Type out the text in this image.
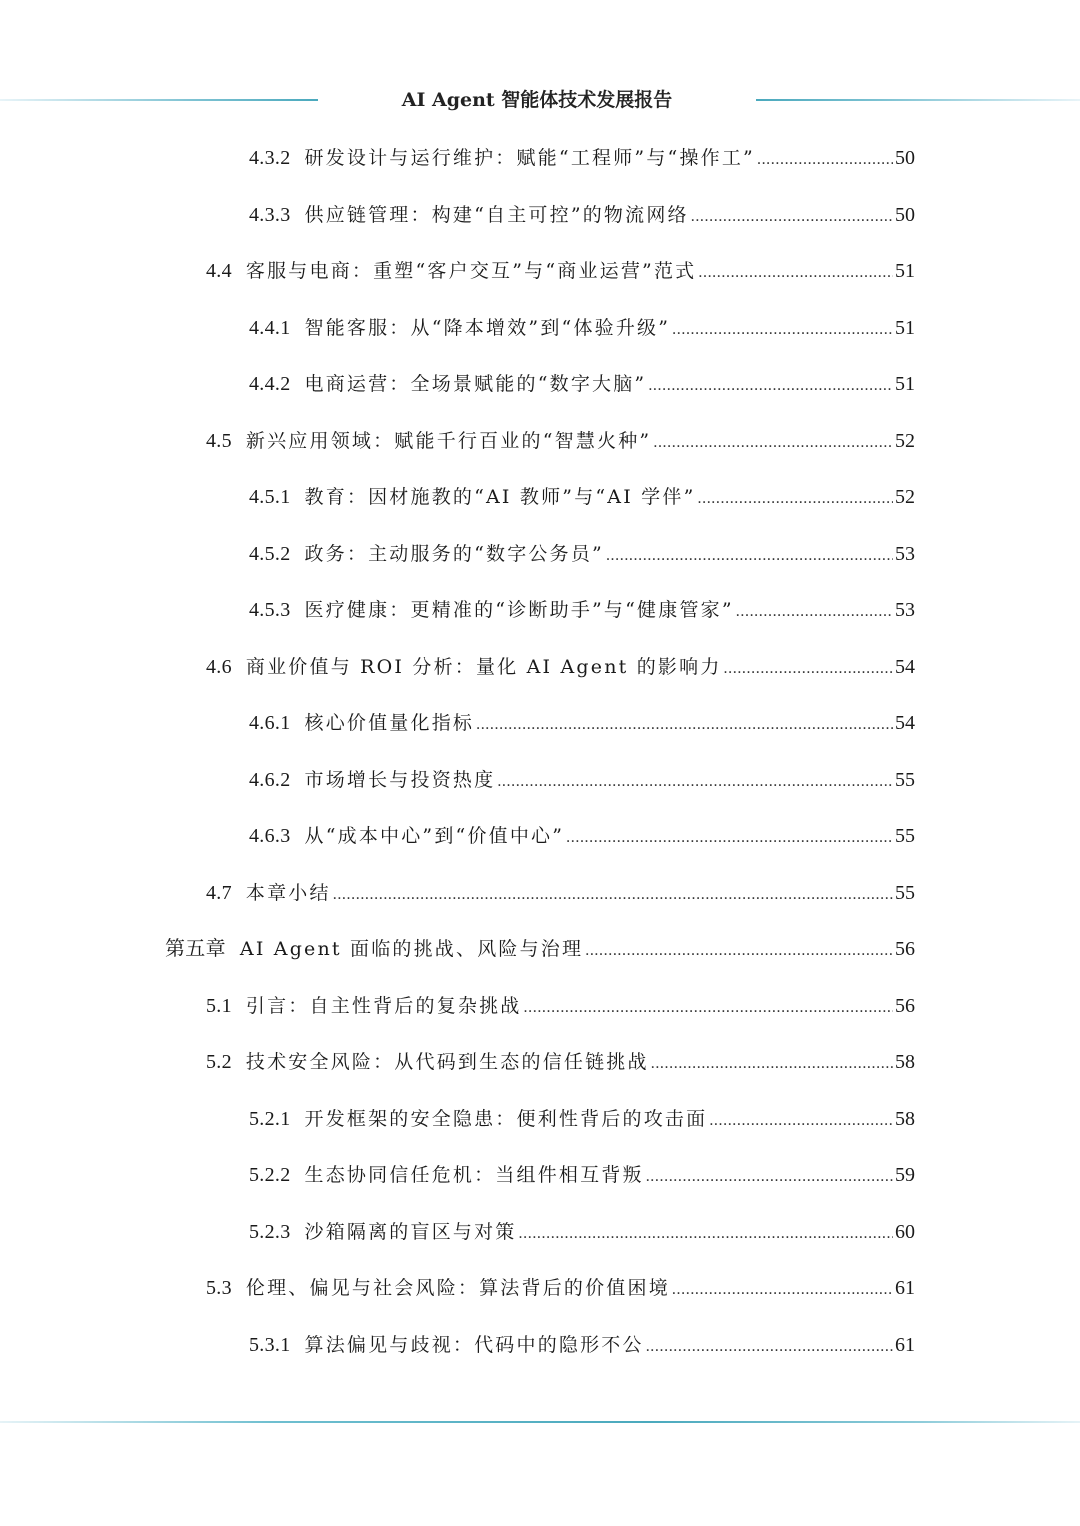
AI Agent 智能体技术发展报告
4.3.2 研发设计与运行维护：赋能“工程师”与“操作工” .....	50
4.3.3 供应链管理：构建“自主可控”的物流网络 .....	50
4.4 客服与电商：重塑“客户交互”与“商业运营”范式 .....	51
4.4.1 智能客服：从“降本增效”到“体验升级” .....	51
4.4.2 电商运营：全场景赋能的“数字大脑” .....	51
4.5 新兴应用领域：赋能千行百业的“智慧火种” .....	52
4.5.1 教育：因材施教的“AI 教师”与“AI 学伴” .....	52
4.5.2 政务：主动服务的“数字公务员” .....	53
4.5.3 医疗健康：更精准的“诊断助手”与“健康管家” .....	53
4.6 商业价值与 ROI 分析：量化 AI Agent 的影响力 .....	54
4.6.1 核心价值量化指标 .....	54
4.6.2 市场增长与投资热度 .....	55
4.6.3 从“成本中心”到“价值中心” .....	55
4.7 本章小结 .....	55
第五章 AI Agent 面临的挑战、风险与治理 .....	56
5.1 引言：自主性背后的复杂挑战 .....	56
5.2 技术安全风险：从代码到生态的信任链挑战 .....	58
5.2.1 开发框架的安全隐患：便利性背后的攻击面 .....	58
5.2.2 生态协同信任危机：当组件相互背叛 .....	59
5.2.3 沙箱隔离的盲区与对策 .....	60
5.3 伦理、偏见与社会风险：算法背后的价值困境 .....	61
5.3.1 算法偏见与歧视：代码中的隐形不公 .....	61
